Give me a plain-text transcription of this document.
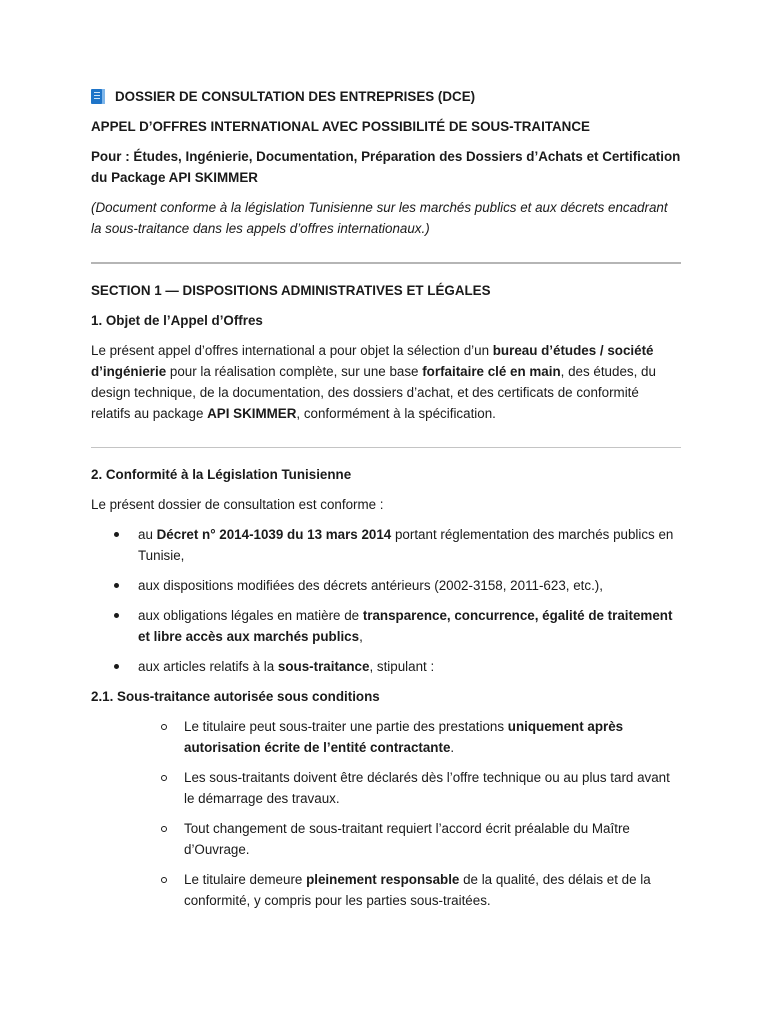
DOSSIER DE CONSULTATION DES ENTREPRISES (DCE)

APPEL D’OFFRES INTERNATIONAL AVEC POSSIBILITÉ DE SOUS-TRAITANCE

Pour : Études, Ingénierie, Documentation, Préparation des Dossiers d’Achats et Certification du Package API SKIMMER

(Document conforme à la législation Tunisienne sur les marchés publics et aux décrets encadrant la sous-traitance dans les appels d’offres internationaux.)

SECTION 1 — DISPOSITIONS ADMINISTRATIVES ET LÉGALES

1. Objet de l’Appel d’Offres

Le présent appel d’offres international a pour objet la sélection d’un bureau d’études / société d’ingénierie pour la réalisation complète, sur une base forfaitaire clé en main, des études, du design technique, de la documentation, des dossiers d’achat, et des certificats de conformité relatifs au package API SKIMMER, conformément à la spécification.

2. Conformité à la Législation Tunisienne

Le présent dossier de consultation est conforme :

au Décret n° 2014-1039 du 13 mars 2014 portant réglementation des marchés publics en Tunisie,
aux dispositions modifiées des décrets antérieurs (2002-3158, 2011-623, etc.),
aux obligations légales en matière de transparence, concurrence, égalité de traitement et libre accès aux marchés publics,
aux articles relatifs à la sous-traitance, stipulant :

2.1. Sous-traitance autorisée sous conditions

Le titulaire peut sous-traiter une partie des prestations uniquement après autorisation écrite de l’entité contractante.
Les sous-traitants doivent être déclarés dès l’offre technique ou au plus tard avant le démarrage des travaux.
Tout changement de sous-traitant requiert l’accord écrit préalable du Maître d’Ouvrage.
Le titulaire demeure pleinement responsable de la qualité, des délais et de la conformité, y compris pour les parties sous-traitées.
